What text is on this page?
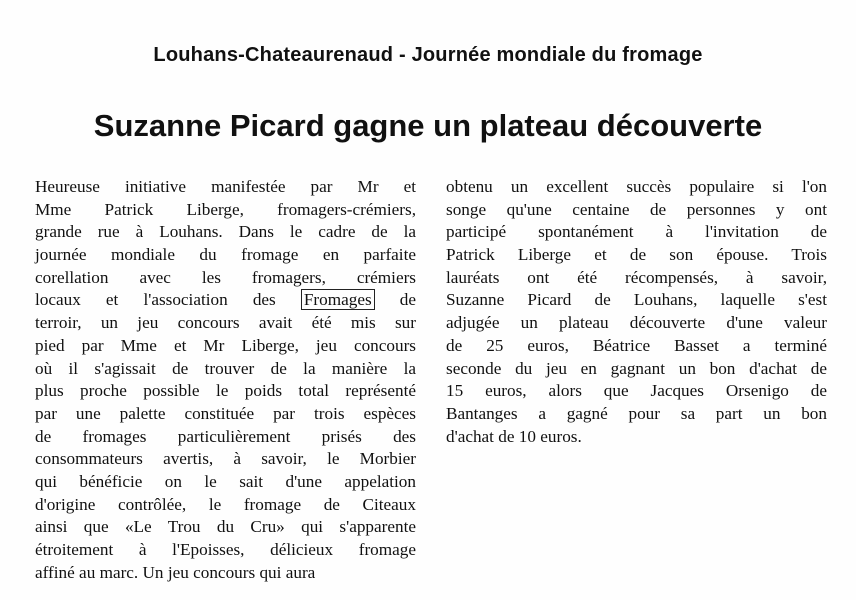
Louhans-Chateaurenaud - Journée mondiale du fromage
Suzanne Picard gagne un plateau découverte
Heureuse initiative manifestée par Mr et
Mme Patrick Liberge, fromagers-crémiers,
grande rue à Louhans. Dans le cadre de la
journée mondiale du fromage en parfaite
corellation avec les fromagers, crémiers
locaux et l'association des Fromages de
terroir, un jeu concours avait été mis sur
pied par Mme et Mr Liberge, jeu concours
où il s'agissait de trouver de la manière la
plus proche possible le poids total représenté
par une palette constituée par trois espèces
de fromages particulièrement prisés des
consommateurs avertis, à savoir, le Morbier
qui bénéficie on le sait d'une appelation
d'origine contrôlée, le fromage de Citeaux
ainsi que «Le Trou du Cru» qui s'apparente
étroitement à l'Epoisses, délicieux fromage
affiné au marc. Un jeu concours qui aura
obtenu un excellent succès populaire si l'on
songe qu'une centaine de personnes y ont
participé spontanément à l'invitation de
Patrick Liberge et de son épouse. Trois
lauréats ont été récompensés, à savoir,
Suzanne Picard de Louhans, laquelle s'est
adjugée un plateau découverte d'une valeur
de 25 euros, Béatrice Basset a terminé
seconde du jeu en gagnant un bon d'achat de
15 euros, alors que Jacques Orsenigo de
Bantanges a gagné pour sa part un bon
d'achat de 10 euros.
